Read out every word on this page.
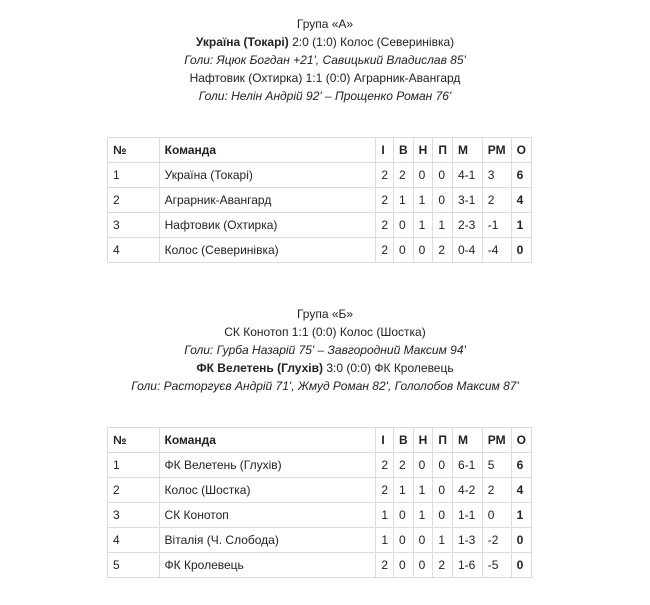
Група «А»
Україна (Токарі) 2:0 (1:0) Колос (Северинівка)
Голи: Яцюк Богдан +21', Савицький Владислав 85'
Нафтовик (Охтирка) 1:1 (0:0) Аграрник-Авангард
Голи: Нелін Андрій 92' – Прощенко Роман 76'
№	Команда	І	В	Н	П	М	РМ	О
1	Україна (Токарі)	2	2	0	0	4-1	3	6
2	Аграрник-Авангард	2	1	1	0	3-1	2	4
3	Нафтовик (Охтирка)	2	0	1	1	2-3	-1	1
4	Колос (Северинівка)	2	0	0	2	0-4	-4	0
Група «Б»
СК Конотоп 1:1 (0:0) Колос (Шостка)
Голи: Гурба Назарій 75' – Завгородний Максим 94'
ФК Велетень (Глухів) 3:0 (0:0) ФК Кролевець
Голи: Расторгуєв Андрій 71', Жмуд Роман 82', Гололобов Максим 87'
№	Команда	І	В	Н	П	М	РМ	О
1	ФК Велетень (Глухів)	2	2	0	0	6-1	5	6
2	Колос (Шостка)	2	1	1	0	4-2	2	4
3	СК Конотоп	1	0	1	0	1-1	0	1
4	Віталія (Ч. Слобода)	1	0	0	1	1-3	-2	0
5	ФК Кролевець	2	0	0	2	1-6	-5	0
